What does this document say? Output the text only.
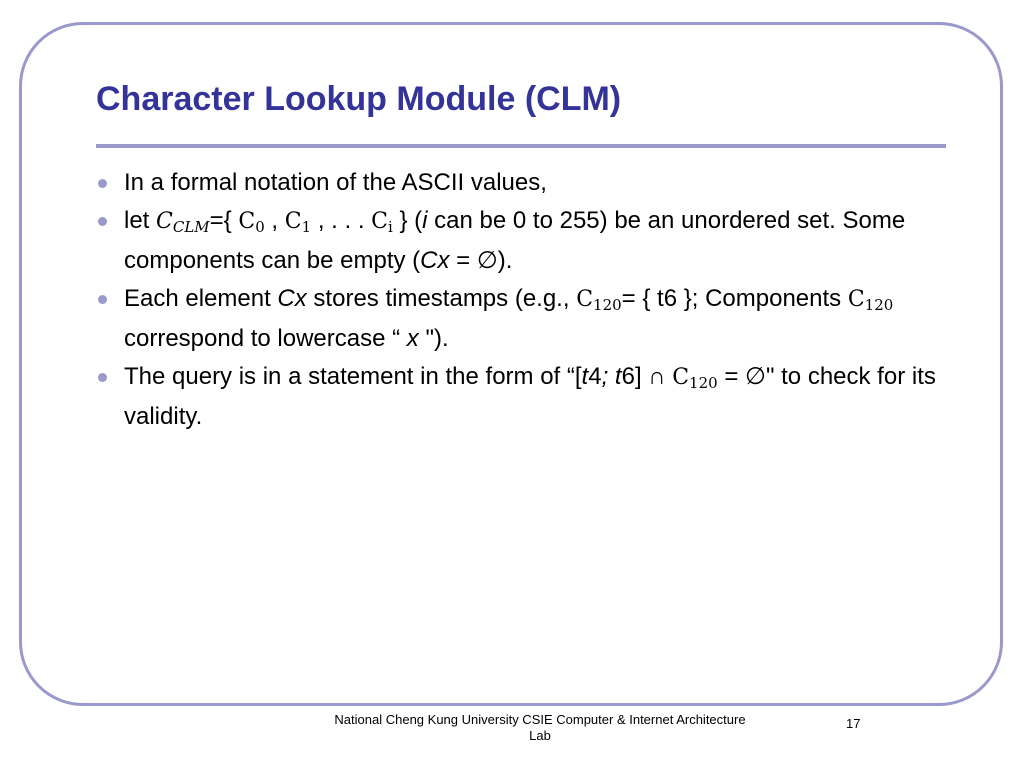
Character Lookup Module (CLM)
In a formal notation of the ASCII values,
let $C_{CLM}=${ $C_0$ , $C_1$ , . . . $C_i$ } (i can be 0 to 255) be an unordered set. Some components can be empty (Cx = ∅).
Each element Cx stores timestamps (e.g., $C_{120}=$ { t6 }; Components $C_{120}$ correspond to lowercase “ x ").
The query is in a statement in the form of “[t4; t6] ∩ $C_{120}$ = ∅" to check for its validity.
National Cheng Kung University CSIE Computer & Internet Architecture Lab
17
